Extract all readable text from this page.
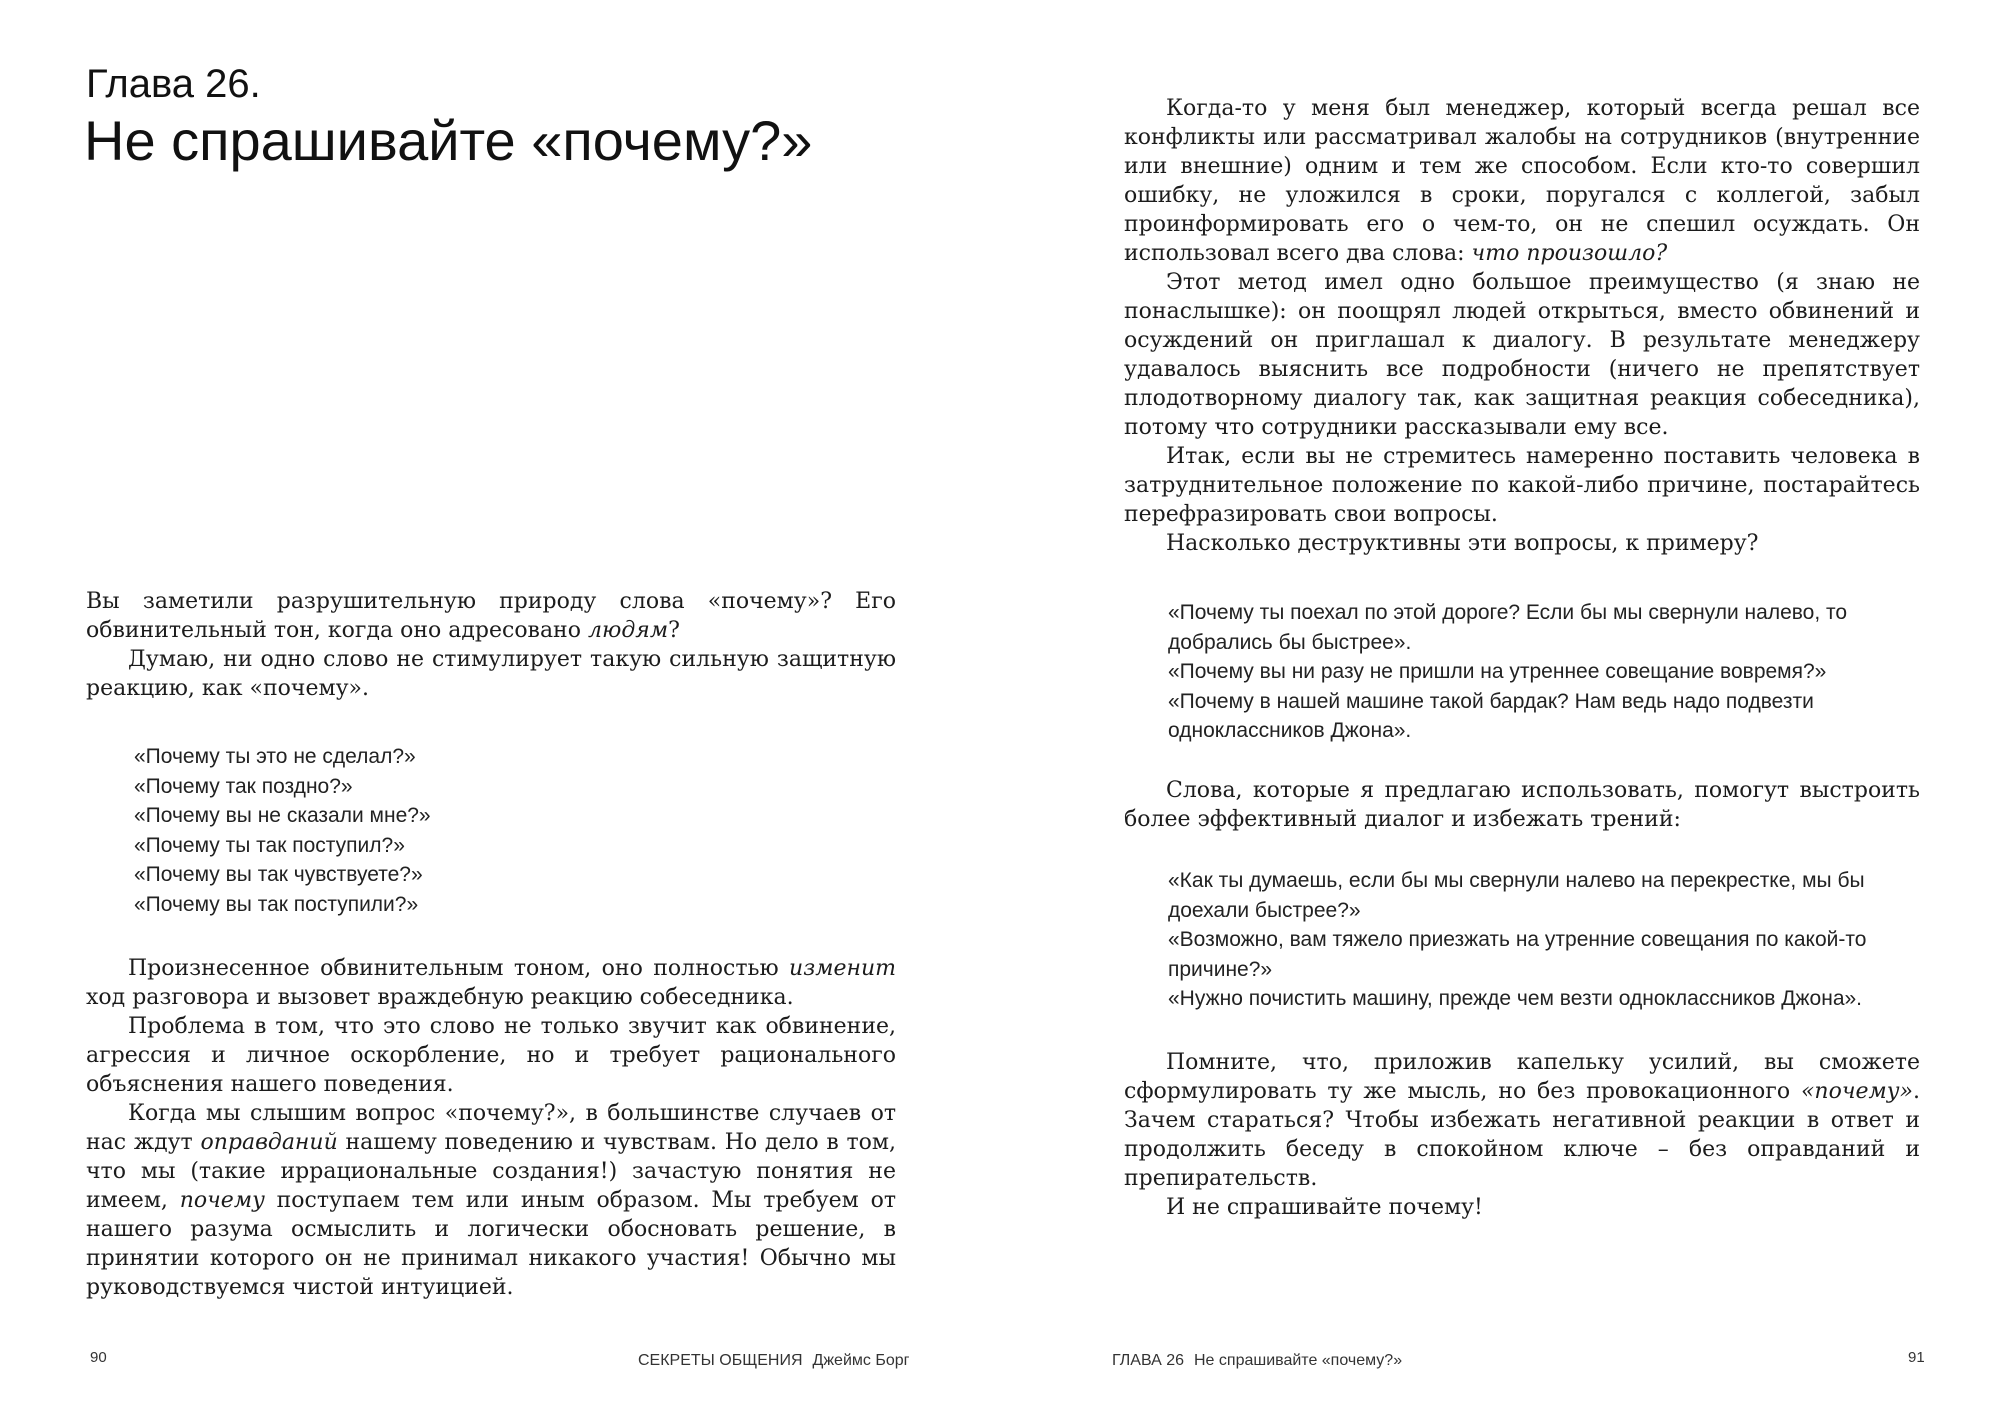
Глава 26.
Не спрашивайте «почему?»

Вы заметили разрушительную природу слова «почему»? Его обвинительный тон, когда оно адресовано людям?

Думаю, ни одно слово не стимулирует такую сильную защитную реакцию, как «почему».

«Почему ты это не сделал?»
«Почему так поздно?»
«Почему вы не сказали мне?»
«Почему ты так поступил?»
«Почему вы так чувствуете?»
«Почему вы так поступили?»

Произнесенное обвинительным тоном, оно полностью изменит ход разговора и вызовет враждебную реакцию собеседника.

Проблема в том, что это слово не только звучит как обвинение, агрессия и личное оскорбление, но и требует рационального объяснения нашего поведения.

Когда мы слышим вопрос «почему?», в большинстве случаев от нас ждут оправданий нашему поведению и чувствам. Но дело в том, что мы (такие иррациональные создания!) зачастую понятия не имеем, почему поступаем тем или иным образом. Мы требуем от нашего разума осмыслить и логически обосновать решение, в принятии которого он не принимал никакого участия! Обычно мы руководствуемся чистой интуицией.

90	СЕКРЕТЫ ОБЩЕНИЯ Джеймс Борг

Когда-то у меня был менеджер, который всегда решал все конфликты или рассматривал жалобы на сотрудников (внутренние или внешние) одним и тем же способом. Если кто-то совершил ошибку, не уложился в сроки, поругался с коллегой, забыл проинформировать его о чем-то, он не спешил осуждать. Он использовал всего два слова: что произошло?

Этот метод имел одно большое преимущество (я знаю не понаслышке): он поощрял людей открыться, вместо обвинений и осуждений он приглашал к диалогу. В результате менеджеру удавалось выяснить все подробности (ничего не препятствует плодотворному диалогу так, как защитная реакция собеседника), потому что сотрудники рассказывали ему все.

Итак, если вы не стремитесь намеренно поставить человека в затруднительное положение по какой-либо причине, постарайтесь перефразировать свои вопросы.

Насколько деструктивны эти вопросы, к примеру?

«Почему ты поехал по этой дороге? Если бы мы свернули налево, то добрались бы быстрее».
«Почему вы ни разу не пришли на утреннее совещание вовремя?»
«Почему в нашей машине такой бардак? Нам ведь надо подвезти одноклассников Джона».

Слова, которые я предлагаю использовать, помогут выстроить более эффективный диалог и избежать трений:

«Как ты думаешь, если бы мы свернули налево на перекрестке, мы бы доехали быстрее?»
«Возможно, вам тяжело приезжать на утренние совещания по какой-то причине?»
«Нужно почистить машину, прежде чем везти одноклассников Джона».

Помните, что, приложив капельку усилий, вы сможете сформулировать ту же мысль, но без провокационного «почему». Зачем стараться? Чтобы избежать негативной реакции в ответ и продолжить беседу в спокойном ключе – без оправданий и препирательств.

И не спрашивайте почему!

ГЛАВА 26 Не спрашивайте «почему?»	91
